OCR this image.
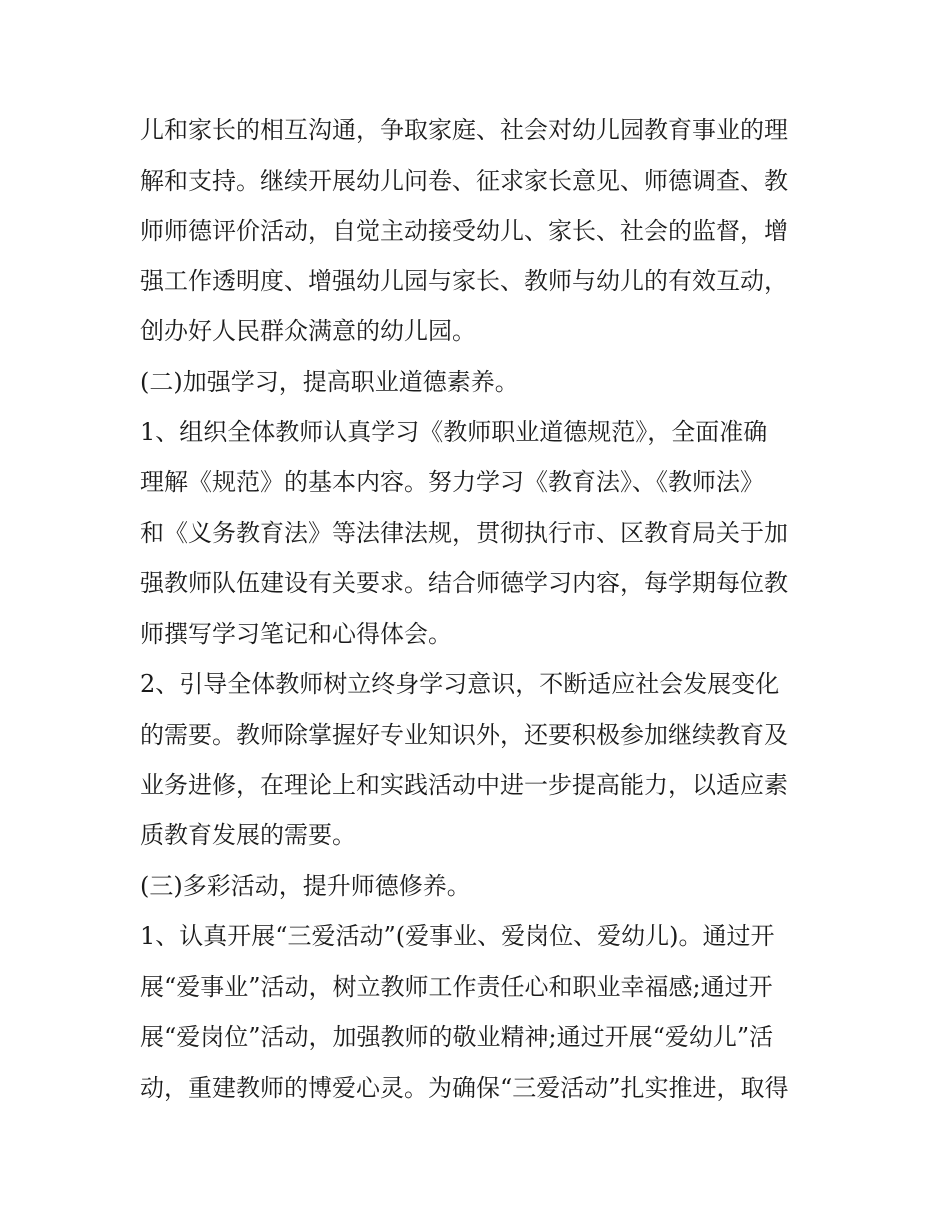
儿和家长的相互沟通，争取家庭、社会对幼儿园教育事业的理
解和支持。继续开展幼儿问卷、征求家长意见、师德调查、教
师师德评价活动，自觉主动接受幼儿、家长、社会的监督，增
强工作透明度、增强幼儿园与家长、教师与幼儿的有效互动，
创办好人民群众满意的幼儿园。
(二)加强学习，提高职业道德素养。
1、组织全体教师认真学习《教师职业道德规范》，全面准确
理解《规范》的基本内容。努力学习《教育法》、《教师法》
和《义务教育法》等法律法规，贯彻执行市、区教育局关于加
强教师队伍建设有关要求。结合师德学习内容，每学期每位教
师撰写学习笔记和心得体会。
2、引导全体教师树立终身学习意识，不断适应社会发展变化
的需要。教师除掌握好专业知识外，还要积极参加继续教育及
业务进修，在理论上和实践活动中进一步提高能力，以适应素
质教育发展的需要。
(三)多彩活动，提升师德修养。
1、认真开展“三爱活动”(爱事业、爱岗位、爱幼儿)。通过开
展“爱事业”活动，树立教师工作责任心和职业幸福感;通过开
展“爱岗位”活动，加强教师的敬业精神;通过开展“爱幼儿”活
动，重建教师的博爱心灵。为确保“三爱活动”扎实推进，取得
